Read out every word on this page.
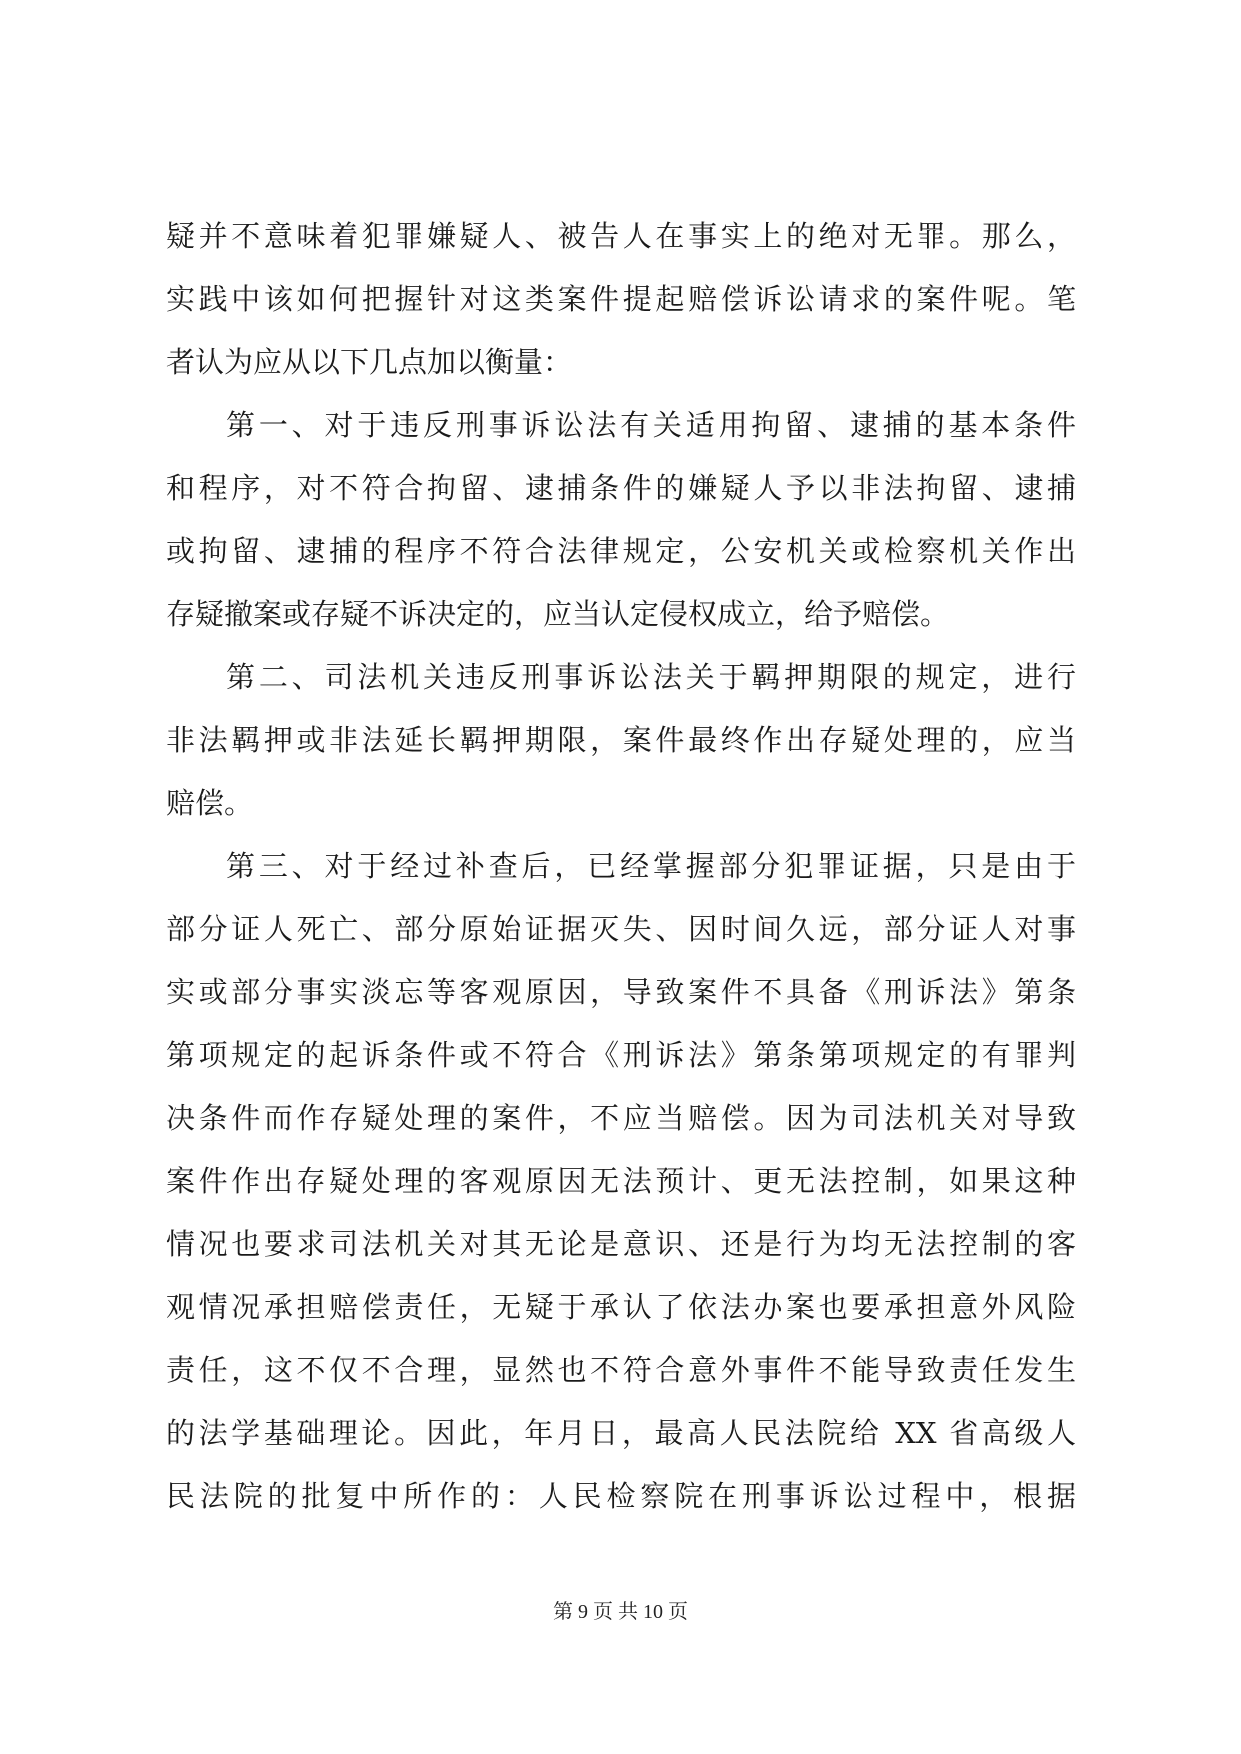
疑并不意味着犯罪嫌疑人、被告人在事实上的绝对无罪。那么，
实践中该如何把握针对这类案件提起赔偿诉讼请求的案件呢。笔
者认为应从以下几点加以衡量：
第一、对于违反刑事诉讼法有关适用拘留、逮捕的基本条件
和程序，对不符合拘留、逮捕条件的嫌疑人予以非法拘留、逮捕
或拘留、逮捕的程序不符合法律规定，公安机关或检察机关作出
存疑撤案或存疑不诉决定的，应当认定侵权成立，给予赔偿。
第二、司法机关违反刑事诉讼法关于羁押期限的规定，进行
非法羁押或非法延长羁押期限，案件最终作出存疑处理的，应当
赔偿。
第三、对于经过补查后，已经掌握部分犯罪证据，只是由于
部分证人死亡、部分原始证据灭失、因时间久远，部分证人对事
实或部分事实淡忘等客观原因，导致案件不具备《刑诉法》第条
第项规定的起诉条件或不符合《刑诉法》第条第项规定的有罪判
决条件而作存疑处理的案件，不应当赔偿。因为司法机关对导致
案件作出存疑处理的客观原因无法预计、更无法控制，如果这种
情况也要求司法机关对其无论是意识、还是行为均无法控制的客
观情况承担赔偿责任，无疑于承认了依法办案也要承担意外风险
责任，这不仅不合理，显然也不符合意外事件不能导致责任发生
的法学基础理论。因此，年月日，最高人民法院给 XX 省高级人
民法院的批复中所作的：人民检察院在刑事诉讼过程中，根据
第 9 页 共 10 页
